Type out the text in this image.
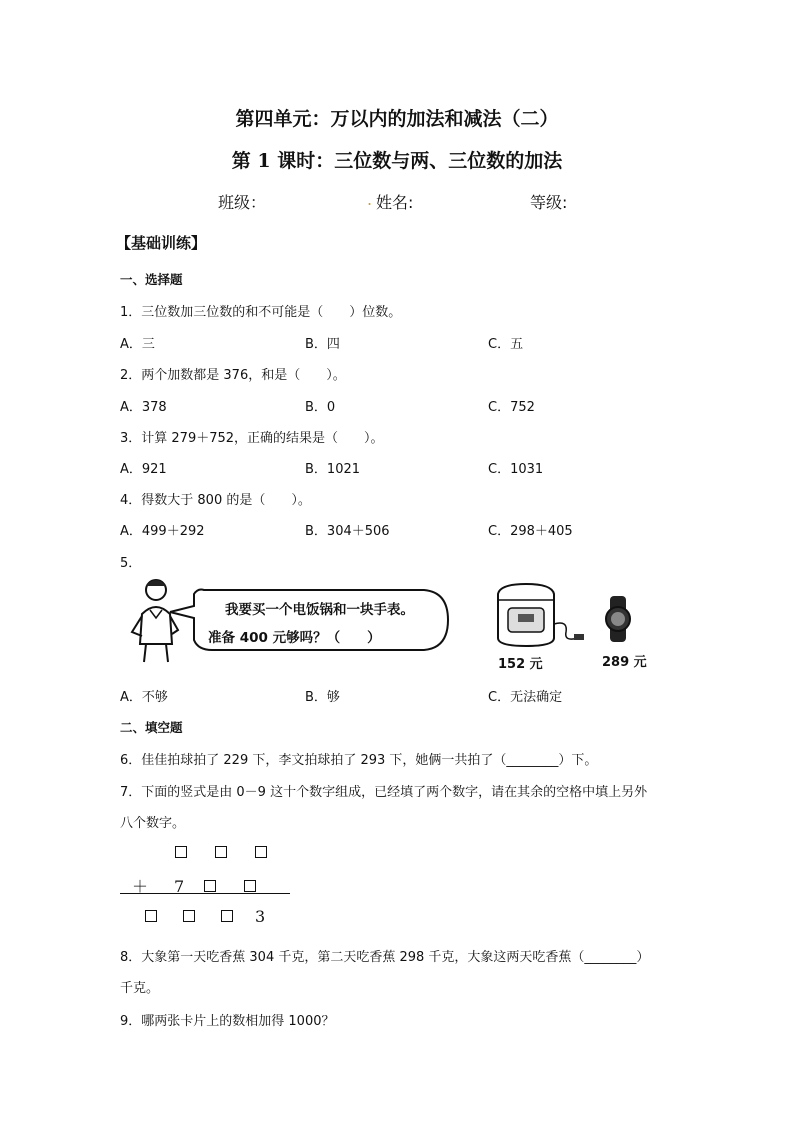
第四单元：万以内的加法和减法（二）
第 1 课时：三位数与两、三位数的加法
班级：	. 姓名:	等级:
【基础训练】
一、选择题
1．三位数加三位数的和不可能是（　　）位数。
A．三	B．四	C．五
2．两个加数都是 376，和是（　　）。
A．378	B．0	C．752
3．计算 279＋752，正确的结果是（　　）。
A．921	B．1021	C．1031
4．得数大于 800 的是（　　）。
A．499＋292	B．304＋506	C．298＋405
5．
我要买一个电饭锅和一块手表。
准备 400 元够吗？（　　）
152 元	289 元
A．不够	B．够	C．无法确定
二、填空题
6．佳佳拍球拍了 229 下，李文拍球拍了 293 下，她俩一共拍了（________）下。
7．下面的竖式是由 0－9 这十个数字组成，已经填了两个数字，请在其余的空格中填上另外
八个数字。
＋ 7
3
8．大象第一天吃香蕉 304 千克，第二天吃香蕉 298 千克，大象这两天吃香蕉（________）
千克。
9．哪两张卡片上的数相加得 1000？
